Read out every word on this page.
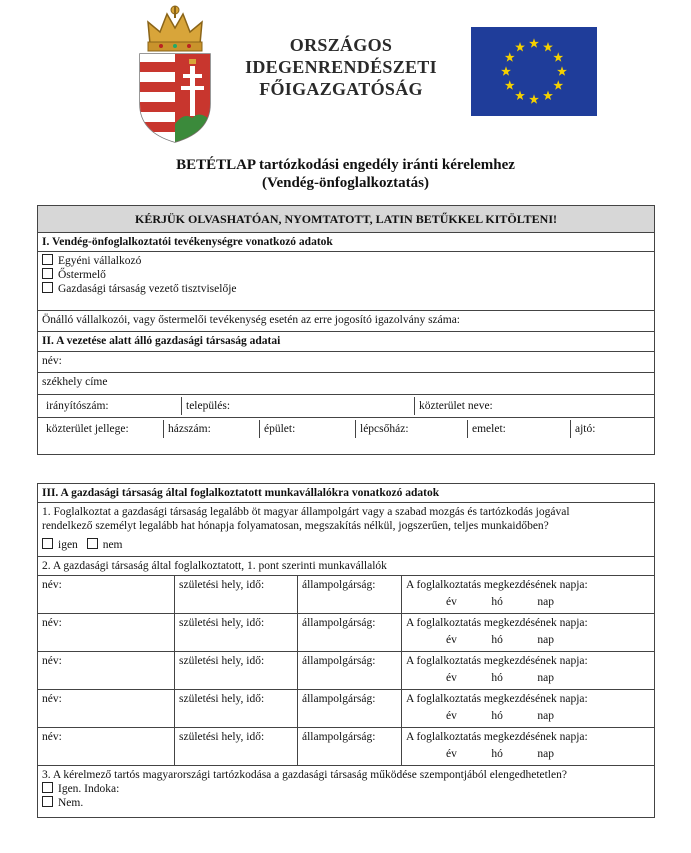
ORSZÁGOS
IDEGENRENDÉSZETI
FŐIGAZGATÓSÁG
BETÉTLAP tartózkodási engedély iránti kérelemhez
(Vendég-önfoglalkoztatás)
KÉRJÜK OLVASHATÓAN, NYOMTATOTT, LATIN BETŰKKEL KITÖLTENI!
I. Vendég-önfoglalkoztatói tevékenységre vonatkozó adatok

Egyéni vállalkozó
Őstermelő
Gazdasági társaság vezető tisztviselője

Önálló vállalkozói, vagy őstermelői tevékenység esetén az erre jogosító igazolvány száma:
II. A vezetése alatt álló gazdasági társaság adatai
név:
székhely címe

irányítószám:	település:	közterület neve:

közterület jellege:	házszám:	épület:	lépcsőház:	emelet:	ajtó:
III. A gazdasági társaság által foglalkoztatott munkavállalókra vonatkozó adatok			

1. Foglalkoztat a gazdasági társaság legalább öt magyar állampolgárt vagy a szabad mozgás és tartózkodás jogával
rendelkező személyt legalább hat hónapja folyamatosan, megszakítás nélkül, jogszerűen, teljes munkaidőben?
igen nem			

2. A gazdasági társaság által foglalkoztatott, 1. pont szerinti munkavállalók			
név:	születési hely, idő:	állampolgárság:	A foglalkoztatás megkezdésének napja:
év hó nap

név:	születési hely, idő:	állampolgárság:	A foglalkoztatás megkezdésének napja:
év hó nap

név:	születési hely, idő:	állampolgárság:	A foglalkoztatás megkezdésének napja:
év hó nap

név:	születési hely, idő:	állampolgárság:	A foglalkoztatás megkezdésének napja:
év hó nap

név:	születési hely, idő:	állampolgárság:	A foglalkoztatás megkezdésének napja:
év hó nap

3. A kérelmező tartós magyarországi tartózkodása a gazdasági társaság működése szempontjából elengedhetetlen?
Igen. Indoka:
Nem.			
